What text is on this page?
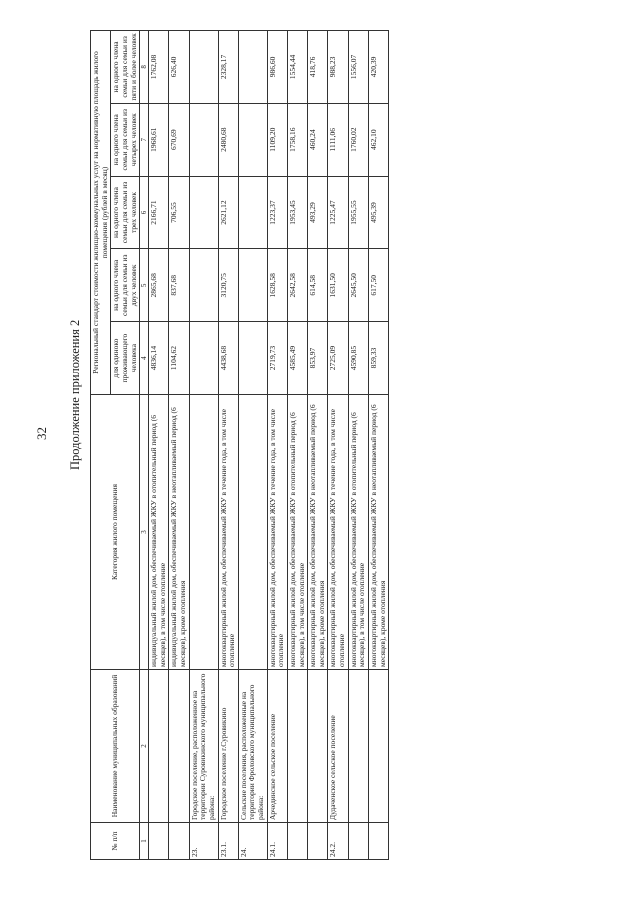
32 Продолжение приложения 2
№ п/п	Наименование муниципальных образований	Категория жилого помещения	Региональный стандарт стоимости жилищно-коммунальных услуг на нормативную площадь жилого помещения (рублей в месяц)				
			для одиноко проживающего человека	на одного члена семьи для семьи из двух человек	на одного члена семьи для семьи из трех человек	на одного члена семьи для семьи из четырех человек	на одного члена семьи для семьи из пяти и более человек
1	2	3	4	5	6	7	8
		индивидуальный жилой дом, обеспечиваемый ЖКУ в отопительный период (6 месяцев), в том числе отопление	4836,14	2865,68	2166,71	1968,61	1762,08
		индивидуальный жилой дом, обеспечиваемый ЖКУ в неотапливаемый период (6 месяцев), кроме отопления	1104,62	837,68	706,55	670,69	626,40
23.	Городское поселение, расположенное на территории Суровикинского муниципального района:						
23.1.	Городское поселение г.Суровикино	многоквартирный жилой дом, обеспечиваемый ЖКУ в течение года, в том числе отопление	4438,68	3120,75	2621,12	2480,68	2328,17
24.	Сельские поселения, расположенные на территории Фроловского муниципального района:						
24.1.	Арчединское сельское поселение	многоквартирный жилой дом, обеспечиваемый ЖКУ в течение года, в том числе отопление	2719,73	1628,58	1223,37	1109,20	986,60
		многоквартирный жилой дом, обеспечиваемый ЖКУ в отопительный период (6 месяцев), в том числе отопление	4585,49	2642,58	1953,45	1758,16	1554,44
		многоквартирный жилой дом, обеспечиваемый ЖКУ в неотапливаемый период (6 месяцев), кроме отопления	853,97	614,58	493,29	460,24	418,76
24.2.	Дудаченское сельское поселение	многоквартирный жилой дом, обеспечиваемый ЖКУ в течение года, в том числе отопление	2725,09	1631,50	1225,47	1111,06	988,23
		многоквартирный жилой дом, обеспечиваемый ЖКУ в отопительный период (6 месяцев), в том числе отопление	4590,85	2645,50	1955,55	1760,02	1556,07
		многоквартирный жилой дом, обеспечиваемый ЖКУ в неотапливаемый период (6 месяцев), кроме отопления	859,33	617,50	495,39	462,10	420,39
